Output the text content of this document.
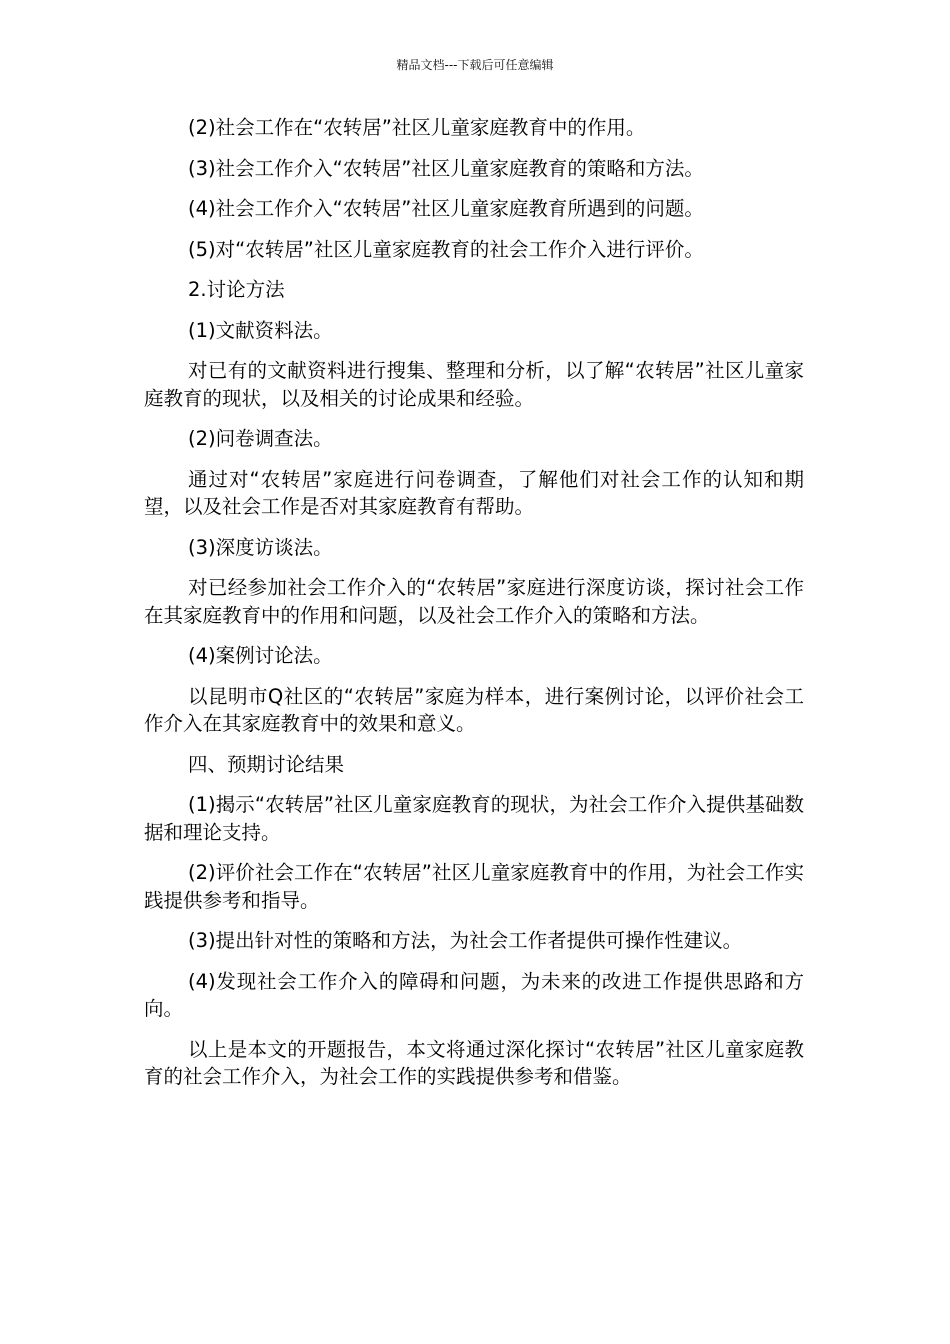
精品文档---下载后可任意编辑

(2)社会工作在“农转居”社区儿童家庭教育中的作用。

(3)社会工作介入“农转居”社区儿童家庭教育的策略和方法。

(4)社会工作介入“农转居”社区儿童家庭教育所遇到的问题。

(5)对“农转居”社区儿童家庭教育的社会工作介入进行评价。

2.讨论方法

(1)文献资料法。

对已有的文献资料进行搜集、整理和分析，以了解“农转居”社区儿童家庭教育的现状，以及相关的讨论成果和经验。

(2)问卷调查法。

通过对“农转居”家庭进行问卷调查，了解他们对社会工作的认知和期望，以及社会工作是否对其家庭教育有帮助。

(3)深度访谈法。

对已经参加社会工作介入的“农转居”家庭进行深度访谈，探讨社会工作在其家庭教育中的作用和问题，以及社会工作介入的策略和方法。

(4)案例讨论法。

以昆明市Q社区的“农转居”家庭为样本，进行案例讨论，以评价社会工作介入在其家庭教育中的效果和意义。

四、预期讨论结果

(1)揭示“农转居”社区儿童家庭教育的现状，为社会工作介入提供基础数据和理论支持。

(2)评价社会工作在“农转居”社区儿童家庭教育中的作用，为社会工作实践提供参考和指导。

(3)提出针对性的策略和方法，为社会工作者提供可操作性建议。

(4)发现社会工作介入的障碍和问题，为未来的改进工作提供思路和方向。

以上是本文的开题报告，本文将通过深化探讨“农转居”社区儿童家庭教育的社会工作介入，为社会工作的实践提供参考和借鉴。
